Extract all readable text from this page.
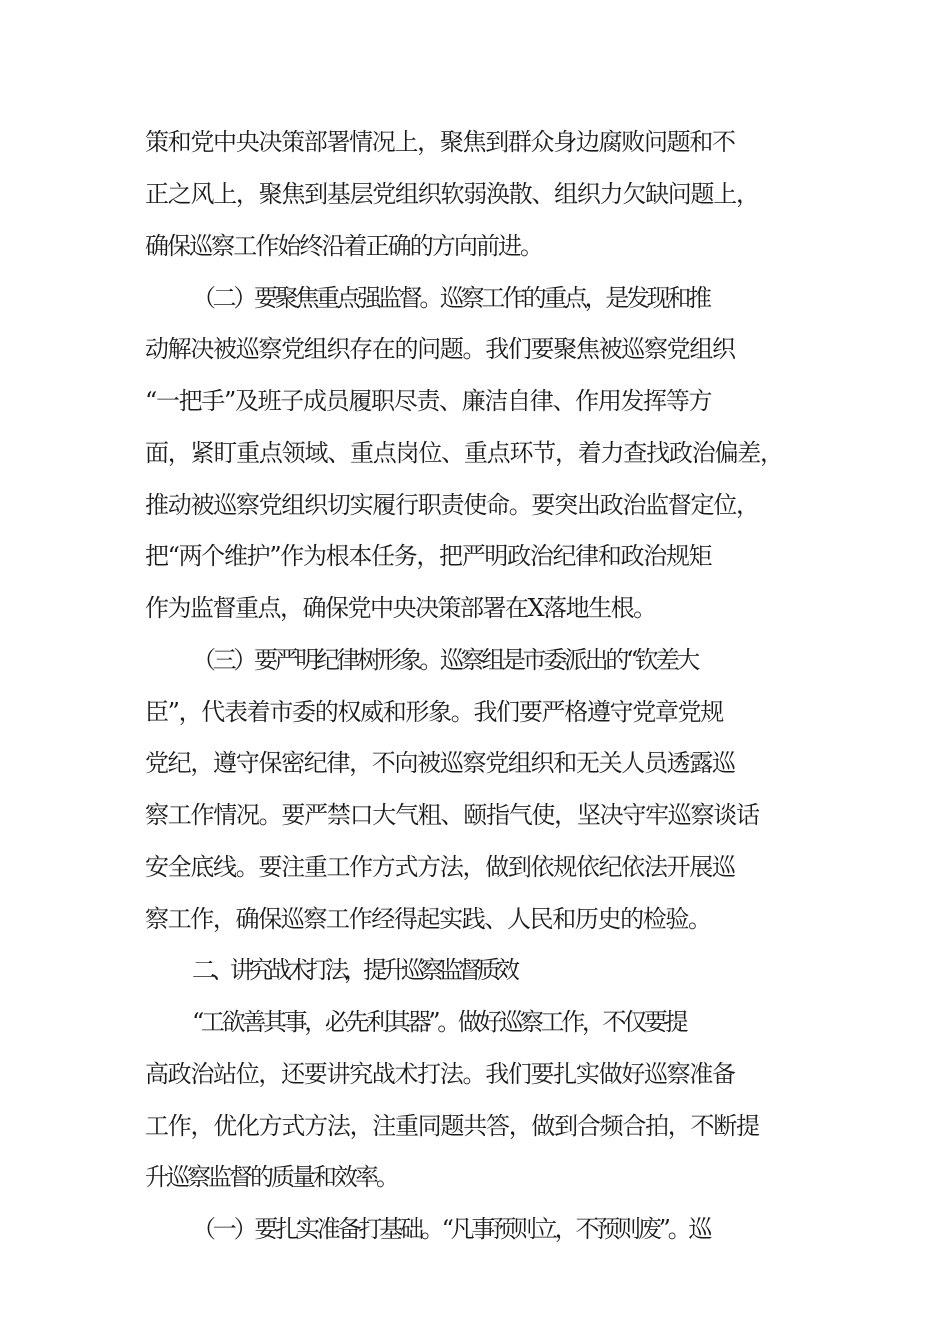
策和党中央决策部署情况上，聚焦到群众身边腐败问题和不
正之风上，聚焦到基层党组织软弱涣散、组织力欠缺问题上，
确保巡察工作始终沿着正确的方向前进。
（二）要聚焦重点强监督。巡察工作的重点，是发现和推
动解决被巡察党组织存在的问题。我们要聚焦被巡察党组织
“一把手”及班子成员履职尽责、廉洁自律、作用发挥等方
面，紧盯重点领域、重点岗位、重点环节，着力查找政治偏差，
推动被巡察党组织切实履行职责使命。要突出政治监督定位，
把“两个维护”作为根本任务，把严明政治纪律和政治规矩
作为监督重点，确保党中央决策部署在X落地生根。
（三）要严明纪律树形象。巡察组是市委派出的“钦差大
臣”，代表着市委的权威和形象。我们要严格遵守党章党规
党纪，遵守保密纪律，不向被巡察党组织和无关人员透露巡
察工作情况。要严禁口大气粗、颐指气使，坚决守牢巡察谈话
安全底线。要注重工作方式方法，做到依规依纪依法开展巡
察工作，确保巡察工作经得起实践、人民和历史的检验。
二、讲究战术打法，提升巡察监督质效
“工欲善其事，必先利其器”。做好巡察工作，不仅要提
高政治站位，还要讲究战术打法。我们要扎实做好巡察准备
工作，优化方式方法，注重同题共答，做到合频合拍，不断提
升巡察监督的质量和效率。
（一）要扎实准备打基础。“凡事预则立，不预则废”。巡
